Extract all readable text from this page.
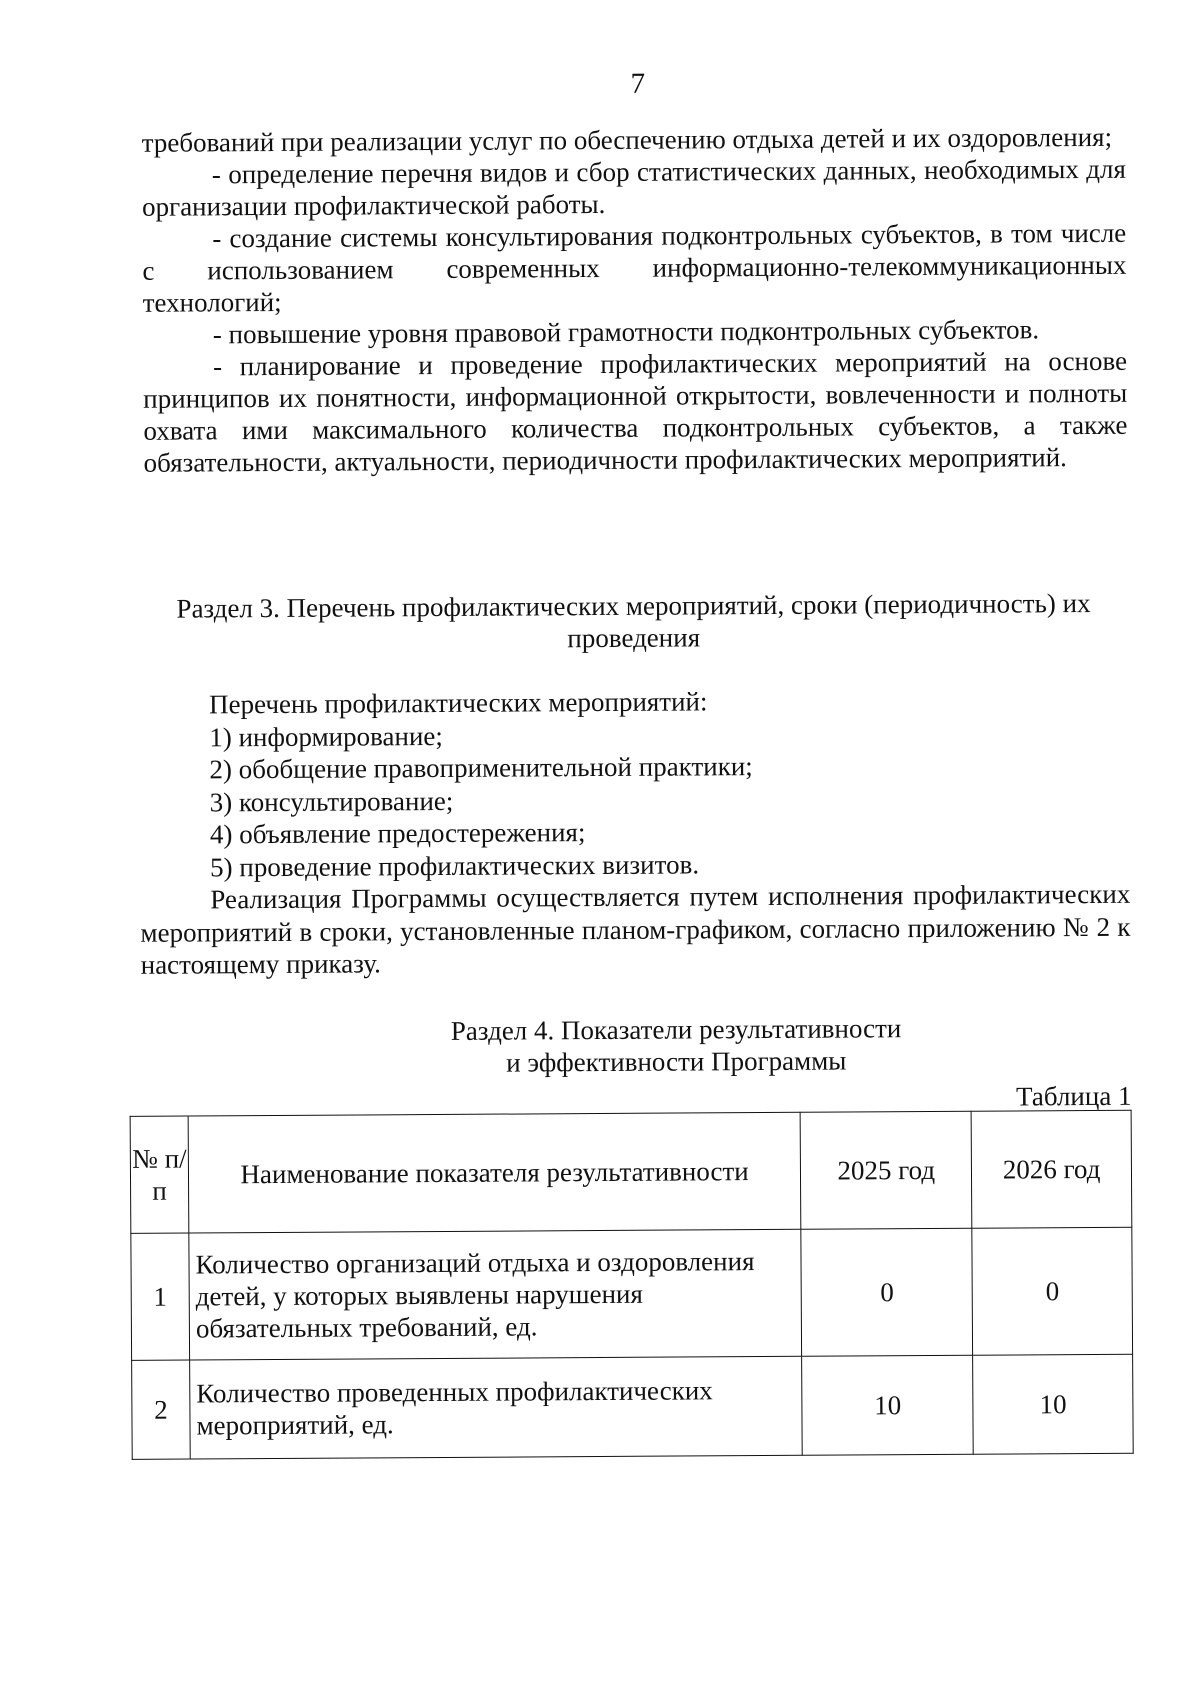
7

требований при реализации услуг по обеспечению отдыха детей и их оздоровления;

- определение перечня видов и сбор статистических данных, необходимых для организации профилактической работы.

- создание системы консультирования подконтрольных субъектов, в том числе с использованием современных информационно-телекоммуникационных технологий;

- повышение уровня правовой грамотности подконтрольных субъектов.

- планирование и проведение профилактических мероприятий на основе принципов их понятности, информационной открытости, вовлеченности и полноты охвата ими максимального количества подконтрольных субъектов, а также обязательности, актуальности, периодичности профилактических мероприятий.

Раздел 3. Перечень профилактических мероприятий, сроки (периодичность) их проведения

Перечень профилактических мероприятий:

1) информирование;

2) обобщение правоприменительной практики;

3) консультирование;

4) объявление предостережения;

5) проведение профилактических визитов.

Реализация Программы осуществляется путем исполнения профилактических мероприятий в сроки, установленные планом-графиком, согласно приложению № 2 к настоящему приказу.

Раздел 4. Показатели результативности
и эффективности Программы
Таблица 1
№ п/п	Наименование показателя результативности	2025 год	2026 год
1	Количество организаций отдыха и оздоровления детей, у которых выявлены нарушения обязательных требований, ед.	0	0
2	Количество проведенных профилактических мероприятий, ед.	10	10
